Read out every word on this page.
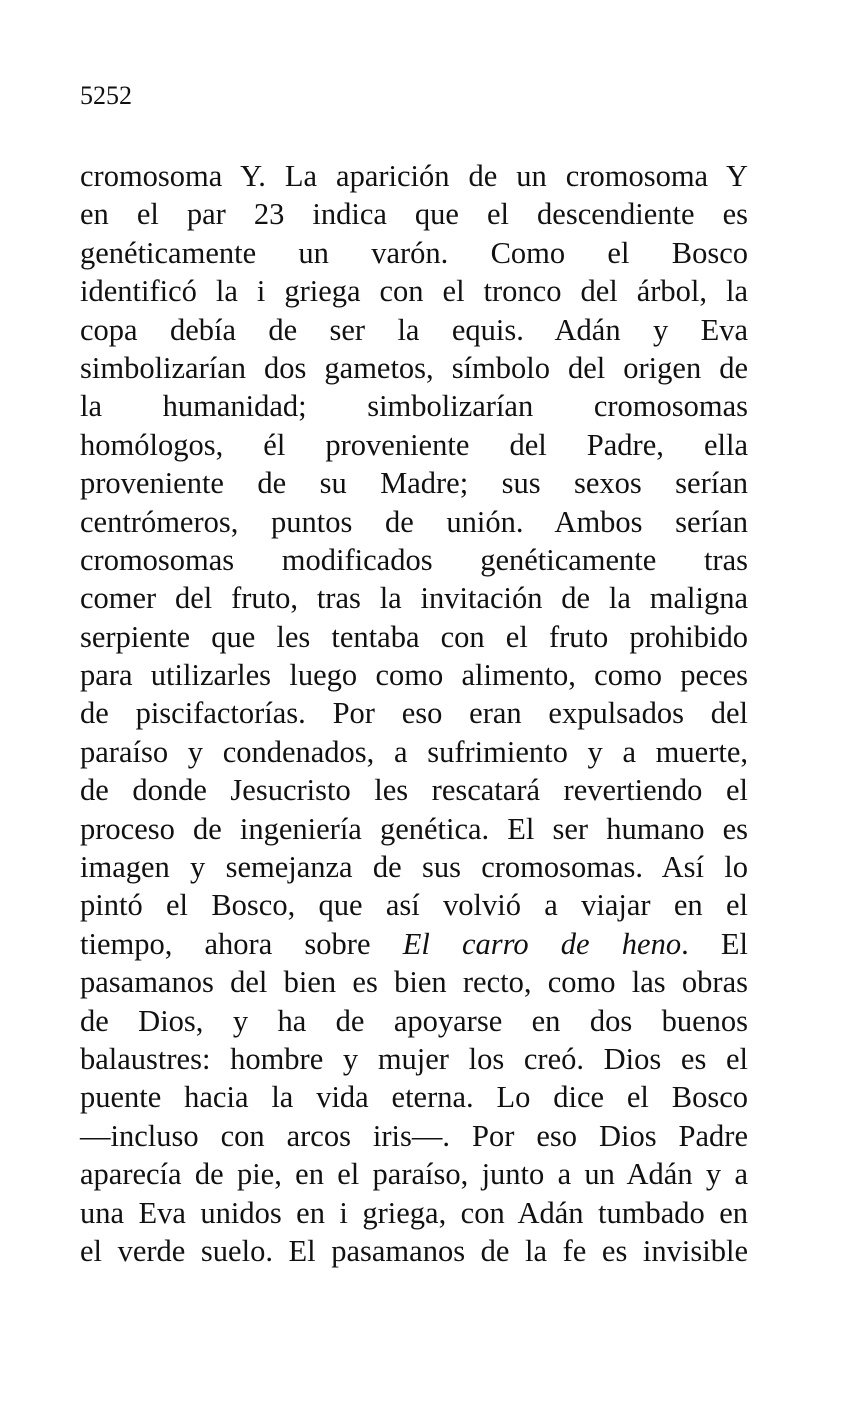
5252

cromosoma Y. La aparición de un cromosoma Y
en el par 23 indica que el descendiente es
genéticamente un varón. Como el Bosco
identificó la i griega con el tronco del árbol, la
copa debía de ser la equis. Adán y Eva
simbolizarían dos gametos, símbolo del origen de
la humanidad; simbolizarían cromosomas
homólogos, él proveniente del Padre, ella
proveniente de su Madre; sus sexos serían
centrómeros, puntos de unión. Ambos serían
cromosomas modificados genéticamente tras
comer del fruto, tras la invitación de la maligna
serpiente que les tentaba con el fruto prohibido
para utilizarles luego como alimento, como peces
de piscifactorías. Por eso eran expulsados del
paraíso y condenados, a sufrimiento y a muerte,
de donde Jesucristo les rescatará revertiendo el
proceso de ingeniería genética. El ser humano es
imagen y semejanza de sus cromosomas. Así lo
pintó el Bosco, que así volvió a viajar en el
tiempo, ahora sobre El carro de heno. El
pasamanos del bien es bien recto, como las obras
de Dios, y ha de apoyarse en dos buenos
balaustres: hombre y mujer los creó. Dios es el
puente hacia la vida eterna. Lo dice el Bosco
—incluso con arcos iris—. Por eso Dios Padre
aparecía de pie, en el paraíso, junto a un Adán y a
una Eva unidos en i griega, con Adán tumbado en
el verde suelo. El pasamanos de la fe es invisible
